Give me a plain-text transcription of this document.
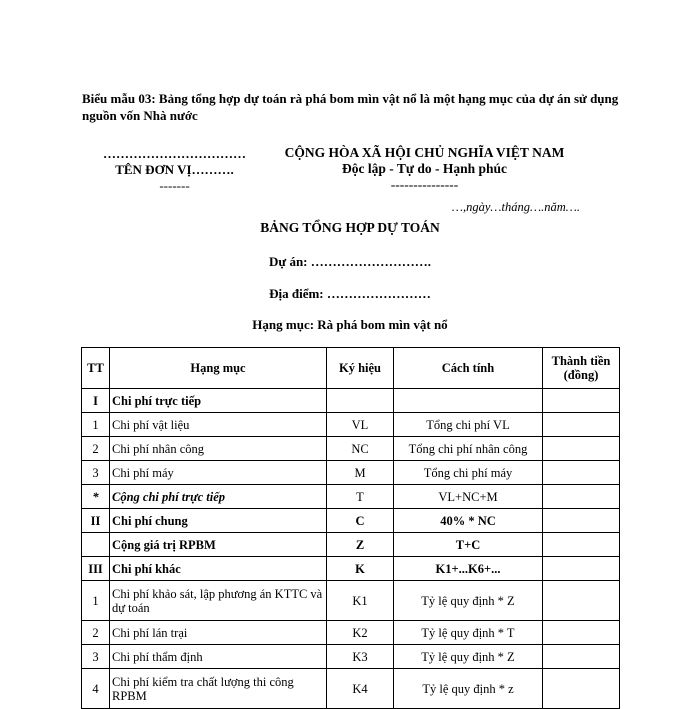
Biểu mẫu 03: Bảng tổng hợp dự toán rà phá bom mìn vật nổ là một hạng mục của dự án sử dụng nguồn vốn Nhà nước
……………………………
TÊN ĐƠN VỊ……….
-------
CỘNG HÒA XÃ HỘI CHỦ NGHĨA VIỆT NAM
Độc lập - Tự do - Hạnh phúc
---------------
…,ngày…tháng….năm….
BẢNG TỔNG HỢP DỰ TOÁN
Dự án: ……………………….
Địa điểm: ……………………
Hạng mục: Rà phá bom mìn vật nổ
TT	Hạng mục	Ký hiệu	Cách tính	Thành tiền (đồng)
I	Chi phí trực tiếp			
1	Chi phí vật liệu	VL	Tổng chi phí VL	
2	Chi phí nhân công	NC	Tổng chi phí nhân công	
3	Chi phí máy	M	Tổng chi phí máy	
*	Cộng chi phí trực tiếp	T	VL+NC+M	
II	Chi phí chung	C	40% * NC	
	Cộng giá trị RPBM	Z	T+C	
III	Chi phí khác	K	K1+...K6+...	
1	Chi phí khảo sát, lập phương án KTTC và dự toán	K1	Tỷ lệ quy định * Z	
2	Chi phí lán trại	K2	Tỷ lệ quy định * T	
3	Chi phí thẩm định	K3	Tỷ lệ quy định * Z	
4	Chi phí kiểm tra chất lượng thi công RPBM	K4	Tỷ lệ quy định * z	
